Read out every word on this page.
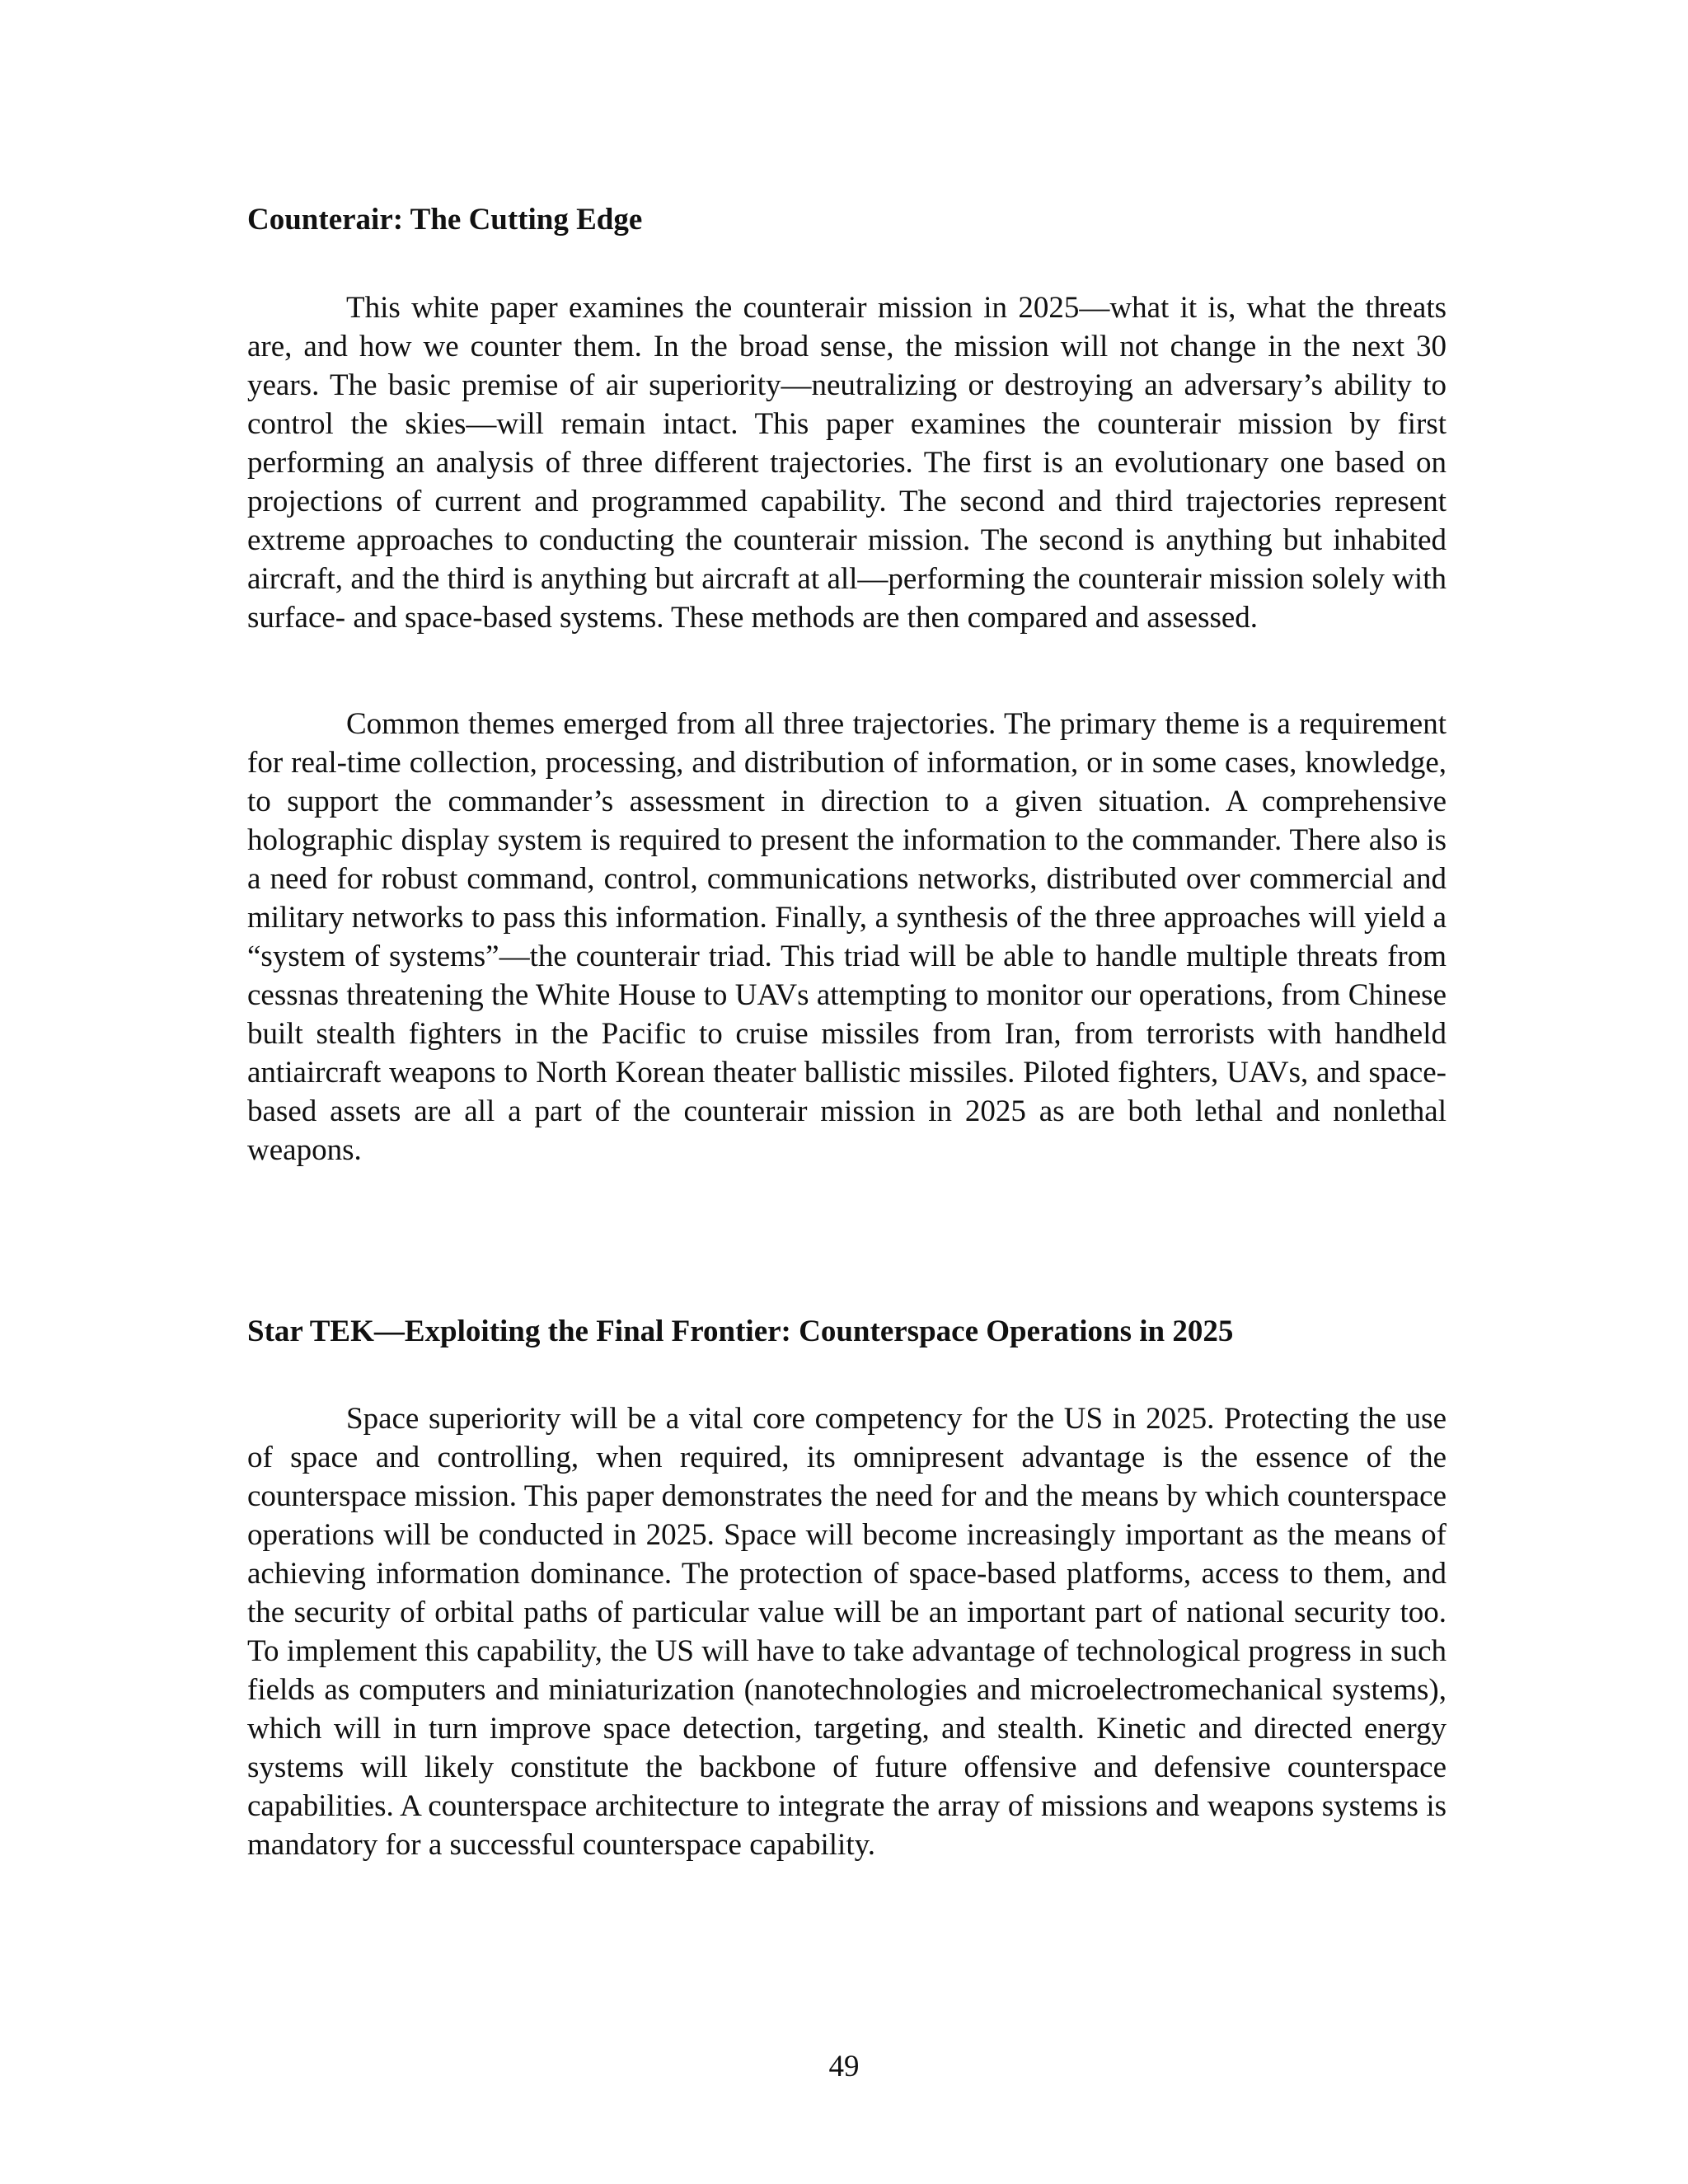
Counterair: The Cutting Edge

This white paper examines the counterair mission in 2025—what it is, what the threats are, and how we counter them. In the broad sense, the mission will not change in the next 30 years. The basic premise of air superiority—neutralizing or destroying an adversary’s ability to control the skies—will remain intact. This paper examines the counterair mission by first performing an analysis of three different trajectories. The first is an evolutionary one based on projections of current and programmed capability. The second and third trajectories represent extreme approaches to conducting the counterair mission. The second is anything but inhabited aircraft, and the third is anything but aircraft at all—performing the counterair mission solely with surface- and space-based systems. These methods are then compared and assessed.

Common themes emerged from all three trajectories. The primary theme is a requirement for real-time collection, processing, and distribution of information, or in some cases, knowledge, to support the commander’s assessment in direction to a given situation. A comprehensive holographic display system is required to present the information to the commander. There also is a need for robust command, control, communications networks, distributed over commercial and military networks to pass this information. Finally, a synthesis of the three approaches will yield a “system of systems”—the counterair triad. This triad will be able to handle multiple threats from cessnas threatening the White House to UAVs attempting to monitor our operations, from Chinese built stealth fighters in the Pacific to cruise missiles from Iran, from terrorists with handheld antiaircraft weapons to North Korean theater ballistic missiles. Piloted fighters, UAVs, and space-based assets are all a part of the counterair mission in 2025 as are both lethal and nonlethal weapons.

Star TEK—Exploiting the Final Frontier: Counterspace Operations in 2025

Space superiority will be a vital core competency for the US in 2025. Protecting the use of space and controlling, when required, its omnipresent advantage is the essence of the counterspace mission. This paper demonstrates the need for and the means by which counterspace operations will be conducted in 2025. Space will become increasingly important as the means of achieving information dominance. The protection of space-based platforms, access to them, and the security of orbital paths of particular value will be an important part of national security too. To implement this capability, the US will have to take advantage of technological progress in such fields as computers and miniaturization (nanotechnologies and microelectromechanical systems), which will in turn improve space detection, targeting, and stealth. Kinetic and directed energy systems will likely constitute the backbone of future offensive and defensive counterspace capabilities. A counterspace architecture to integrate the array of missions and weapons systems is mandatory for a successful counterspace capability.

49
